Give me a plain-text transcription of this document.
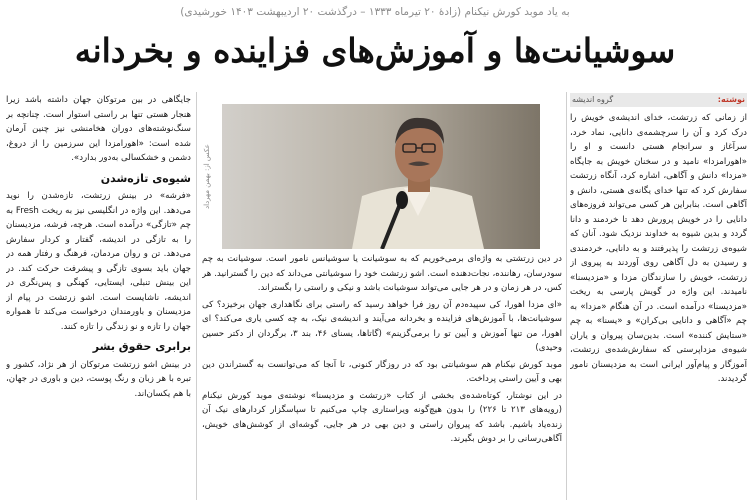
به یاد موبد کورش نیکنام (زادهٔ ۲۰ تیرماه ۱۳۳۳ – درگذشت ۲۰ اردیبهشت ۱۴۰۳ خورشیدی)
سوشیانت‌ها و آموزش‌های فزاینده و بخردانه
نوشته:
گروه اندیشه

از زمانی که زرتشت، خدای اندیشه‌ی خویش را درک کرد و آن را سرچشمه‌ی دانایی، نماد خرد، سرآغاز و سرانجام هستی دانست و او را «اهورامزدا» نامید و در سخنان خویش به جایگاه «مزدا» دانش و آگاهی، اشاره کرد، آنگاه زرتشت سفارش کرد که تنها خدای یگانه‌ی هستی، دانش و آگاهی است. بنابراین هر کسی می‌تواند فروزه‌های دانایی را در خویش پرورش دهد تا خردمند و دانا گردد و بدین شیوه به خداوند نزدیک شود. آنان که شیوه‌ی زرتشت را پذیرفتند و به دانایی، خردمندی و رسیدن به دل آگاهی روی آوردند به پیروی از زرتشت، خویش را سازندگان مزدا و «مزدیسنا» نامیدند. این واژه در گویش پارسی به ریخت «مزدیسنا» درآمده است. در آن هنگام «مزدا» به چم «آگاهی و دانایی بی‌کران» و «یسنا» به چم «ستایش کننده» است. بدین‌سان پیروان و یاران شیوه‌ی مزداپرستی که سفارش‌شده‌ی زرتشت، آموزگار و پیام‌آور ایرانی است به مزدیسنان نامور گردیدند.

عکس از: بهمن مهرداد

در دین زرتشتی به واژه‌ای برمی‌خوریم که به سوشیانت یا سوشیانس نامور است. سوشیانت به چم سودرسان، رهاننده، نجات‌دهنده است. اشو زرتشت خود را سوشیانتی می‌داند که دین را گسترانید. هر کس، در هر زمان و در هر جایی می‌تواند سوشیانت باشد و نیکی و راستی را بگستراند.

«ای مزدا اهورا، کی سپیده‌دم آن روز فرا خواهد رسید که راستی برای نگاهداری جهان برخیزد؟ کی سوشیانت‌ها، با آموزش‌های فزاینده و بخردانه می‌آیند و اندیشه‌ی نیک، به چه کسی یاری می‌کند؟ ای اهورا، من تنها آموزش و آیین تو را برمی‌گزینم» (گاتاها، یسنای ۴۶، بند ۳، برگردان از دکتر حسین وحیدی)

موبد کورش نیکنام هم سوشیانتی بود که در روزگار کنونی، تا آنجا که می‌توانست به گستراندن دین بهی و آیین راستی پرداخت.

در این نوشتار، کوتاه‌شده‌ی بخشی از کتاب «زرتشت و مزدیسنا» نوشته‌ی موبد کورش نیکنام (رویه‌های ۲۱۳ تا ۲۲۶) را بدون هیچ‌گونه ویراستاری چاپ می‌کنیم تا سپاسگزار کردارهای نیک آن زنده‌یاد باشیم. باشد که پیروان راستی و دین بهی در هر جایی، گوشه‌ای از کوشش‌های خویش، آگاهی‌رسانی را بر دوش بگیرند.

جایگاهی در بین مرتوکان جهان داشته باشد زیرا هنجار هستی تنها بر راستی استوار است. چنانچه بر سنگ‌نوشته‌های دوران هخامنشی نیز چنین آرمان شده است: «اهورامزدا این سرزمین را از دروغ، دشمن و خشکسالی به‌دور بدارد».

شیوه‌ی تازه‌شدن

«فرشه» در بینش زرتشت، تازه‌شدن را نوید می‌دهد. این واژه در انگلیسی نیز به ریخت Fresh به چم «تازگی» درآمده است. هرچه، فرشه، مزدیسنان را به تازگی در اندیشه، گفتار و کردار سفارش می‌دهد. تن و روان مردمان، فرهنگ و رفتار همه در جهان باید بسوی تازگی و پیشرفت حرکت کند. در این بینش تنبلی، ایستایی، کهنگی و پس‌نگری در اندیشه، ناشایست است. اشو زرتشت در پیام از مزدیسنان و باورمندان درخواست می‌کند تا همواره جهان را تازه و نو زندگی را تازه کنند.

برابری حقوق بشر

در بینش اشو زرتشت مرتوکان از هر نژاد، کشور و تبره با هر زبان و رنگ پوست، دین و باوری در جهان، با هم یکسان‌اند.
